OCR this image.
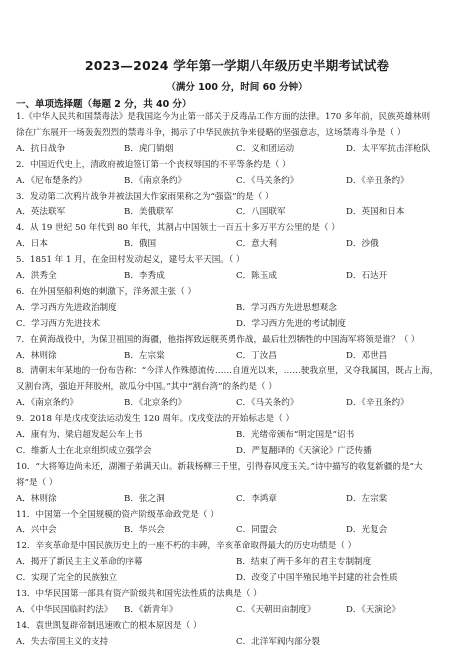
2023—2024 学年第一学期八年级历史半期考试试卷
（满分 100 分，时间 60 分钟）
一、单项选择题（每题 2 分，共 40 分）
1.《中华人民共和国禁毒法》是我国迄今为止第一部关于反毒品工作方面的法律。170 多年前，民族英雄林则
徐在广东展开一场轰轰烈烈的禁毒斗争，揭示了中华民族抗争来侵略的坚强意志，这场禁毒斗争是（ ）
A．抗日战争	B．虎门销烟	C．义和团运动	D．太平军抗击洋枪队
2．中国近代史上，清政府被迫签订第一个丧权辱国的不平等条约是（ ）
A．《尼布楚条约》	B．《南京条约》	C．《马关条约》	D．《辛丑条约》
3．发动第二次鸦片战争并被法国大作家雨果称之为“强盗”的是（ ）
A．英法联军	B．美俄联军	C．八国联军	D．英国和日本
4．从 19 世纪 50 年代到 80 年代，其割占中国领土一百五十多万平方公里的是（ ）
A．日本	B．俄国	C．意大利	D．沙俄
5．1851 年 1 月，在金田村发动起义，建号太平天国。（ ）
A．洪秀全	B．李秀成	C．陈玉成	D．石达开
6．在外国坚船利炮的刺激下，洋务派主张（ ）
A．学习西方先进政治制度	B．学习西方先进思想观念
C．学习西方先进技术	D．学习西方先进的考试制度
7．在黄海战役中，为保卫祖国的海疆，他指挥致远舰英勇作战，最后壮烈牺牲的中国海军将领是谁？（ ）
A．林则徐	B．左宗棠	C．丁汝昌	D．邓世昌
8．清朝末年某地的一份布告称：“今洋人作殊德流传……自道光以来，……驶我京里，又夺我属国，既占上海，
又割台湾，强迫开拜胶州，欲瓜分中国。”其中“割台湾”的条约是（ ）
A．《南京条约》	B．《北京条约》	C．《马关条约》	D．《辛丑条约》
9．2018 年是戊戌变法运动发生 120 周年。戊戌变法的开始标志是（ ）
A．康有为、梁启超发起公车上书	B．光绪帝颁布“明定国是”诏书
C．维新人士在北京组织成立强学会	D．严复翻译的《天演论》广泛传播
10．“大将筹边尚未还，湖湘子弟满天山。新栽杨柳三千里，引得春风度玉关。”诗中描写的收复新疆的是“大
将”是（ ）
A．林则徐	B．张之洞	C．李鸿章	D．左宗棠
11．中国第一个全国规模的资产阶级革命政党是（ ）
A．兴中会	B．华兴会	C．同盟会	D．光复会
12．辛亥革命是中国民族历史上的一座不朽的丰碑，辛亥革命取得最大的历史功绩是（ ）
A．揭开了新民主主义革命的序幕	B．结束了两千多年的君主专制制度
C．实现了完全的民族独立	D．改变了中国半殖民地半封建的社会性质
13．中华民国第一部具有资产阶级共和国宪法性质的法典是（ ）
A．《中华民国临时约法》 B．《新青年》	C．《天朝田亩制度》	D．《天演论》
14．袁世凯复辟帝制迅速败亡的根本原因是（ ）
A．失去帝国主义的支持	C．北洋军阀内部分裂
